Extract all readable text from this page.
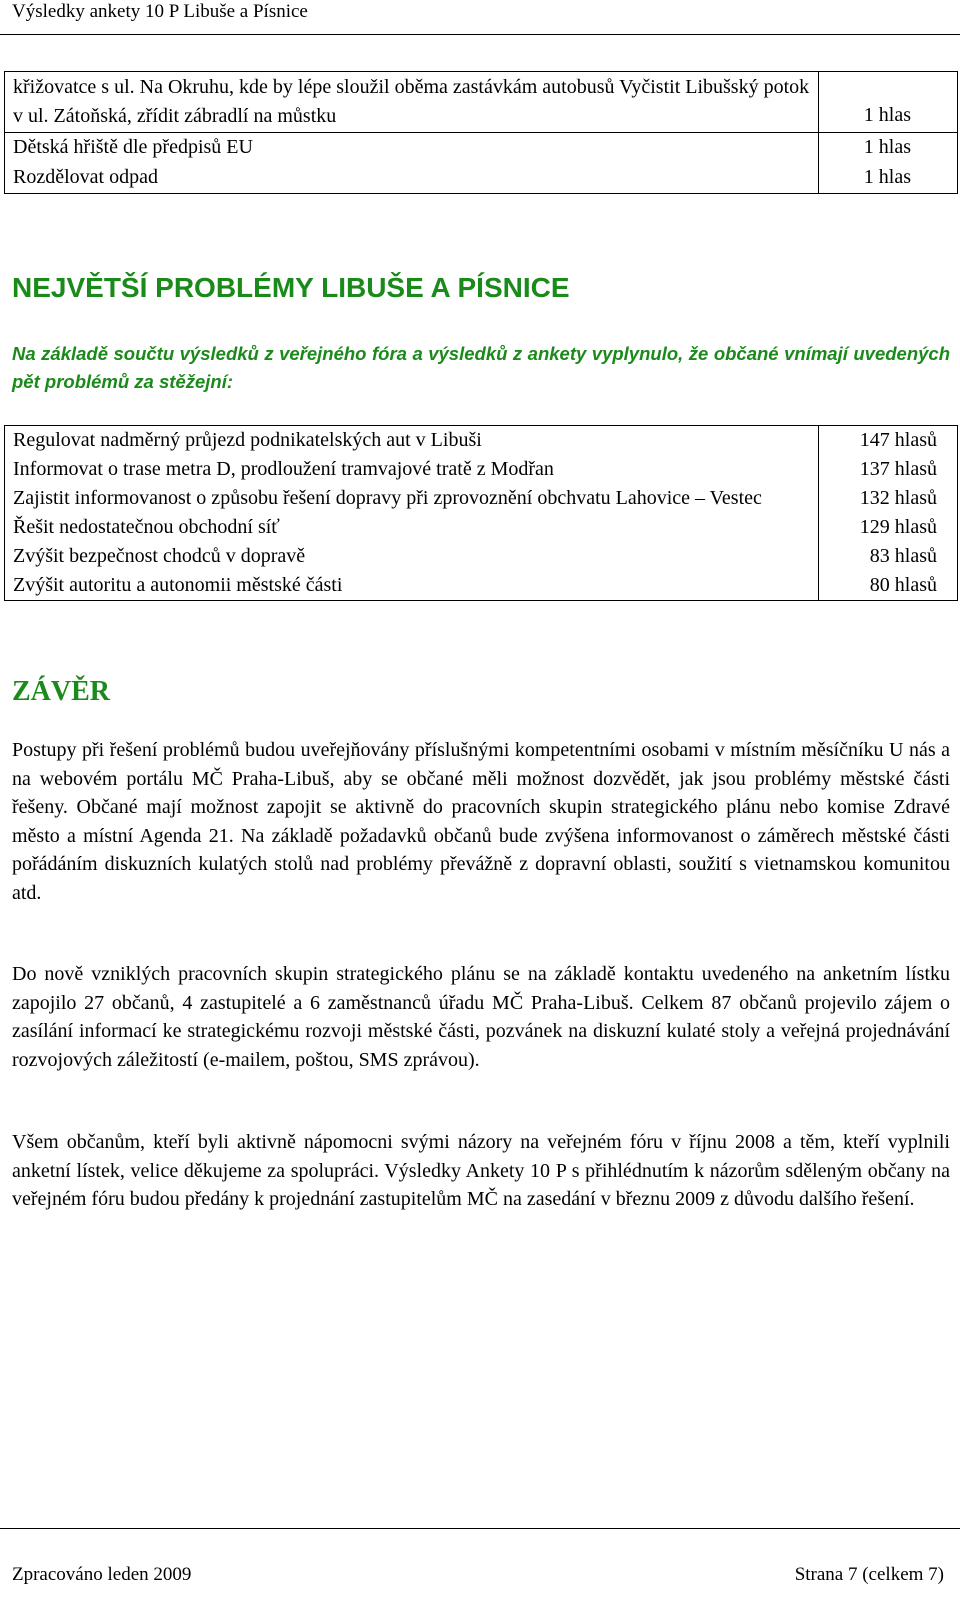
Výsledky ankety 10 P Libuše a Písnice
křižovatce s ul. Na Okruhu, kde by lépe sloužil oběma zastávkám autobusů Vyčistit Libušský potok v ul. Zátoňská, zřídit zábradlí na můstku	1 hlas
Dětská hřiště dle předpisů EU	1 hlas
Rozdělovat odpad	1 hlas
NEJVĚTŠÍ PROBLÉMY LIBUŠE A PÍSNICE
Na základě součtu výsledků z veřejného fóra a výsledků z ankety vyplynulo, že občané vnímají uvedených pět problémů za stěžejní:
Regulovat nadměrný průjezd podnikatelských aut v Libuši	147 hlasů
Informovat o trase metra D, prodloužení tramvajové tratě z Modřan	137 hlasů
Zajistit informovanost o způsobu řešení dopravy při zprovoznění obchvatu Lahovice – Vestec	132 hlasů
Řešit nedostatečnou obchodní síť	129 hlasů
Zvýšit bezpečnost chodců v dopravě	83 hlasů
Zvýšit autoritu a autonomii městské části	80 hlasů
ZÁVĚR

Postupy při řešení problémů budou uveřejňovány příslušnými kompetentními osobami v místním měsíčníku U nás a na webovém portálu MČ Praha-Libuš, aby se občané měli možnost dozvědět, jak jsou problémy městské části řešeny. Občané mají možnost zapojit se aktivně do pracovních skupin strategického plánu nebo komise Zdravé město a místní Agenda 21. Na základě požadavků občanů bude zvýšena informovanost o záměrech městské části pořádáním diskuzních kulatých stolů nad problémy převážně z dopravní oblasti, soužití s vietnamskou komunitou atd.

Do nově vzniklých pracovních skupin strategického plánu se na základě kontaktu uvedeného na anketním lístku zapojilo 27 občanů, 4 zastupitelé a 6 zaměstnanců úřadu MČ Praha-Libuš. Celkem 87 občanů projevilo zájem o zasílání informací ke strategickému rozvoji městské části, pozvánek na diskuzní kulaté stoly a veřejná projednávání rozvojových záležitostí (e-mailem, poštou, SMS zprávou).

Všem občanům, kteří byli aktivně nápomocni svými názory na veřejném fóru v říjnu 2008 a těm, kteří vyplnili anketní lístek, velice děkujeme za spolupráci. Výsledky Ankety 10 P s přihlédnutím k názorům sděleným občany na veřejném fóru budou předány k projednání zastupitelům MČ na zasedání v březnu 2009 z důvodu dalšího řešení.

Zpracováno leden 2009	Strana 7 (celkem 7)
